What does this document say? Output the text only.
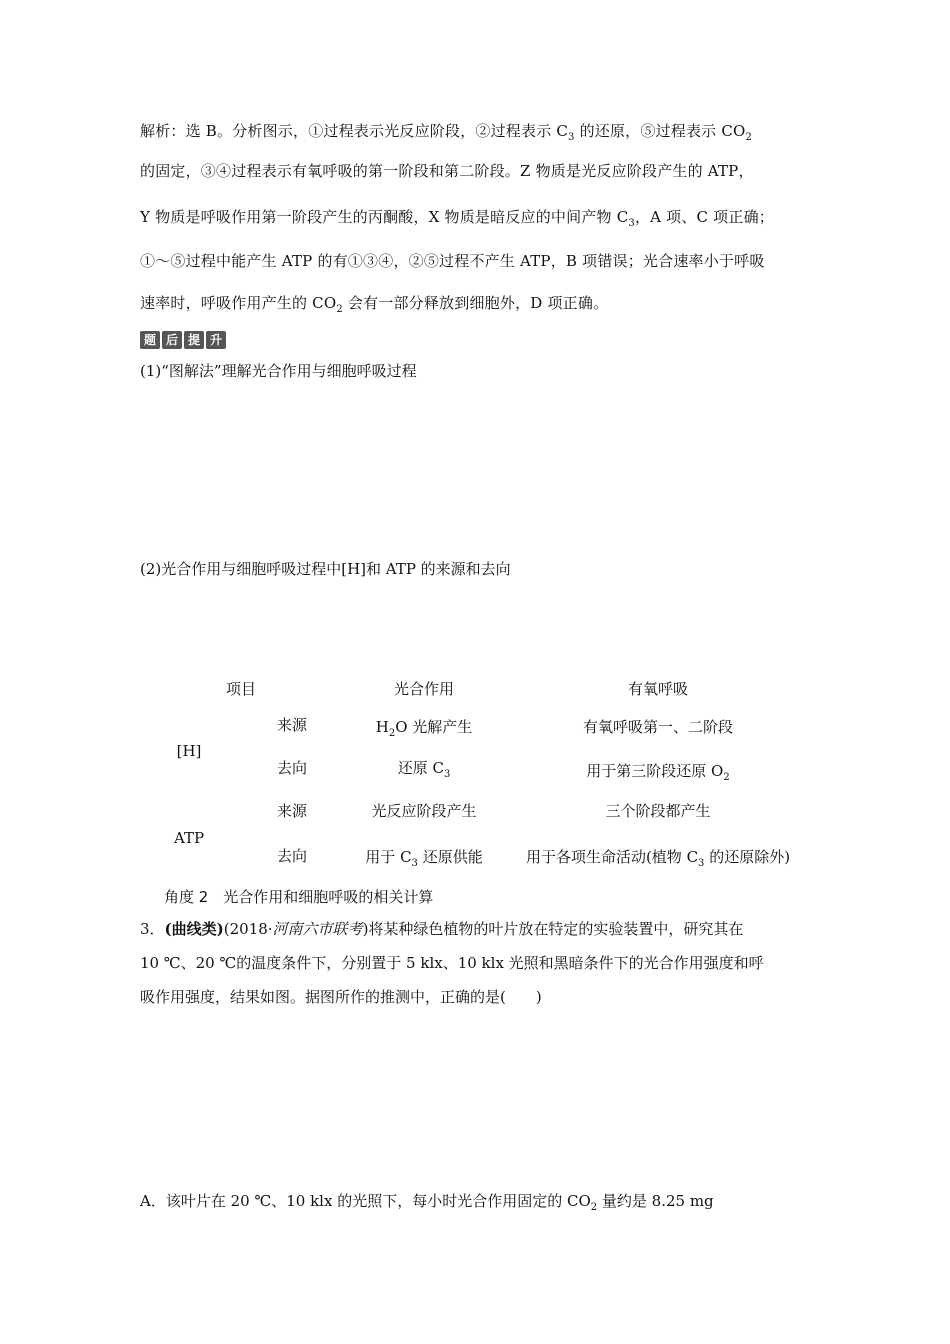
解析：选 B。分析图示，①过程表示光反应阶段，②过程表示 $C_3$ 的还原，⑤过程表示 $CO_2$
的固定，③④过程表示有氧呼吸的第一阶段和第二阶段。Z 物质是光反应阶段产生的 ATP，
Y 物质是呼吸作用第一阶段产生的丙酮酸，X 物质是暗反应的中间产物 $C_3$，A 项、C 项正确；
①～⑤过程中能产生 ATP 的有①③④，②⑤过程不产生 ATP，B 项错误；光合速率小于呼吸
速率时，呼吸作用产生的 $CO_2$ 会有一部分释放到细胞外，D 项正确。
题 后 提 升
(1)“图解法”理解光合作用与细胞呼吸过程
(2)光合作用与细胞呼吸过程中[H]和 ATP 的来源和去向
项目	光合作用	有氧呼吸
[H]
来源	$H_2O$ 光解产生	有氧呼吸第一、二阶段
去向	还原 $C_3$	用于第三阶段还原 $O_2$
ATP
来源	光反应阶段产生	三个阶段都产生
去向	用于 $C_3$ 还原供能	用于各项生命活动(植物 $C_3$ 的还原除外)
角度 2　光合作用和细胞呼吸的相关计算
3．(曲线类)(2018·河南六市联考)将某种绿色植物的叶片放在特定的实验装置中，研究其在
10 ℃、20 ℃的温度条件下，分别置于 5 klx、10 klx 光照和黑暗条件下的光合作用强度和呼
吸作用强度，结果如图。据图所作的推测中，正确的是(　　)
A．该叶片在 20 ℃、10 klx 的光照下，每小时光合作用固定的 $CO_2$ 量约是 8.25 mg
